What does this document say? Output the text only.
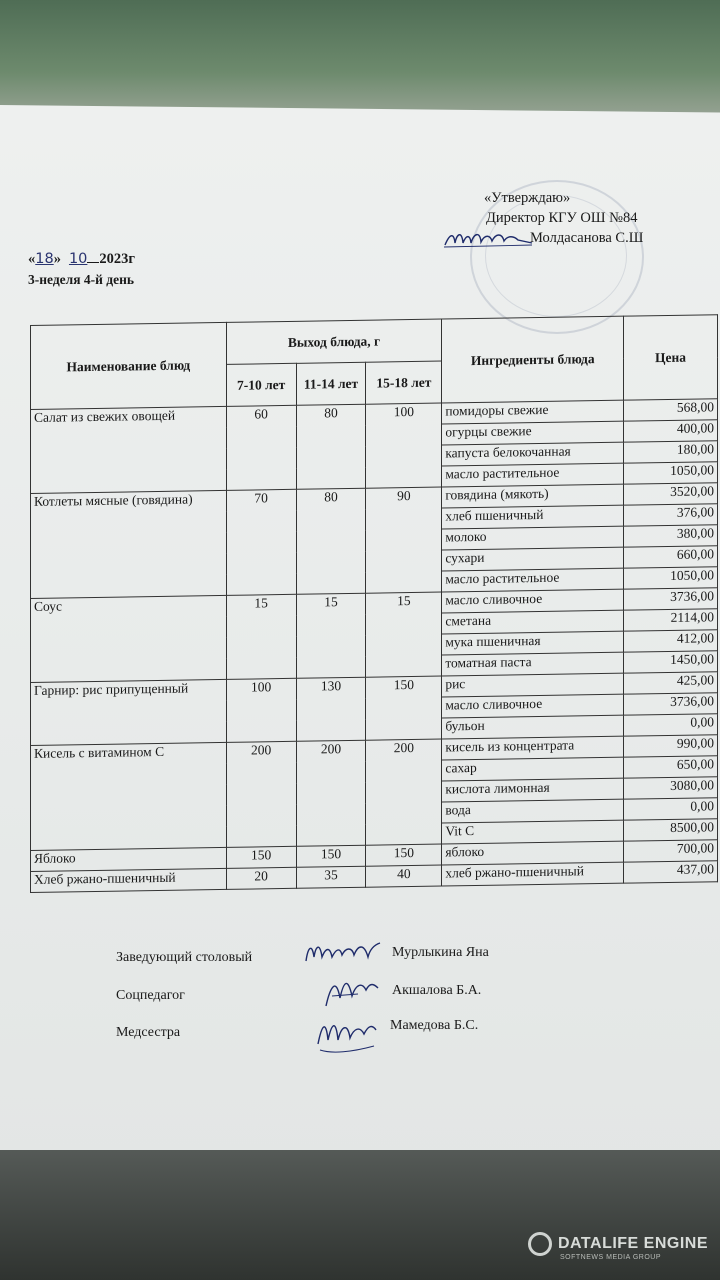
«Утверждаю»
Директор КГУ ОШ №84
Молдасанова С.Ш
«18» 10 2023г
3-неделя 4-й день
Наименование блюд	Выход блюда, г			Ингредиенты блюда	Цена
	7-10 лет	11-14 лет	15-18 лет		
Салат из свежих овощей	60	80	100	помидоры свежие	568,00
				огурцы свежие	400,00
				капуста белокочанная	180,00
				масло растительное	1050,00
Котлеты мясные (говядина)	70	80	90	говядина (мякоть)	3520,00
				хлеб пшеничный	376,00
				молоко	380,00
				сухари	660,00
				масло растительное	1050,00
Соус	15	15	15	масло сливочное	3736,00
				сметана	2114,00
				мука пшеничная	412,00
				томатная паста	1450,00
Гарнир: рис припущенный	100	130	150	рис	425,00
				масло сливочное	3736,00
				бульон	0,00
Кисель с витамином С	200	200	200	кисель из концентрата	990,00
				сахар	650,00
				кислота лимонная	3080,00
				вода	0,00
				Vit C	8500,00
Яблоко	150	150	150	яблоко	700,00
Хлеб ржано-пшеничный	20	35	40	хлеб ржано-пшеничный	437,00
Заведующий столовый	Мурлыкина Яна
Соцпедагог	Акшалова Б.А.
Медсестра	Мамедова Б.С.
DATALIFE ENGINE
SOFTNEWS MEDIA GROUP
